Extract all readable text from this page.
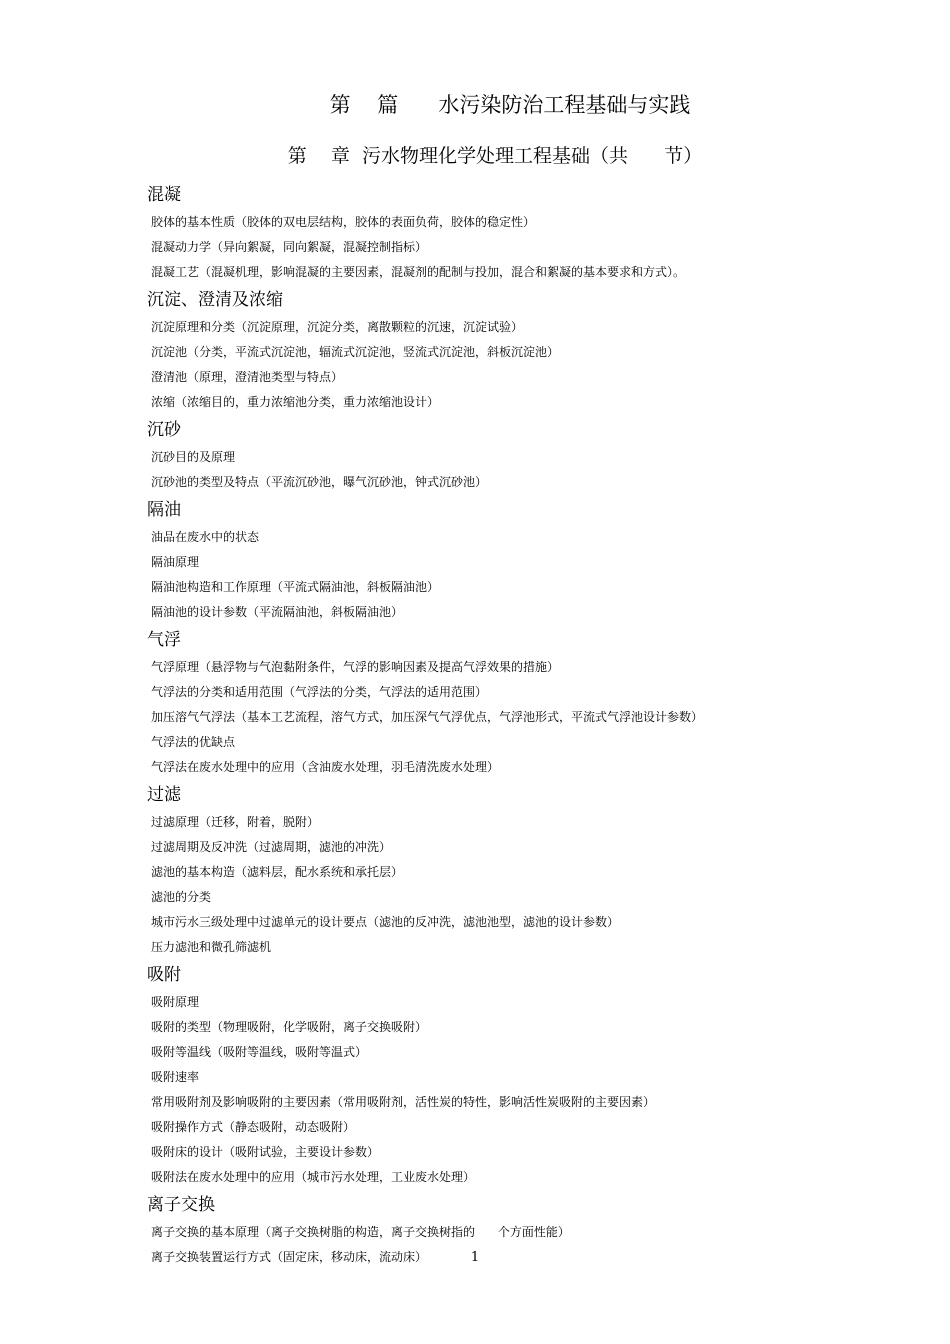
第    篇      水污染防治工程基础与实践
第    章  污水物理化学处理工程基础（共      节）
混凝
胶体的基本性质（胶体的双电层结构，胶体的表面负荷，胶体的稳定性）
混凝动力学（异向絮凝，同向絮凝，混凝控制指标）
混凝工艺（混凝机理，影响混凝的主要因素，混凝剂的配制与投加，混合和絮凝的基本要求和方式）。
沉淀、澄清及浓缩
沉淀原理和分类（沉淀原理，沉淀分类，离散颗粒的沉速，沉淀试验）
沉淀池（分类，平流式沉淀池，辐流式沉淀池，竖流式沉淀池，斜板沉淀池）
澄清池（原理，澄清池类型与特点）
浓缩（浓缩目的，重力浓缩池分类，重力浓缩池设计）
沉砂
沉砂目的及原理
沉砂池的类型及特点（平流沉砂池，曝气沉砂池，钟式沉砂池）
隔油
油品在废水中的状态
隔油原理
隔油池构造和工作原理（平流式隔油池，斜板隔油池）
隔油池的设计参数（平流隔油池，斜板隔油池）
气浮
气浮原理（悬浮物与气泡黏附条件，气浮的影响因素及提高气浮效果的措施）
气浮法的分类和适用范围（气浮法的分类，气浮法的适用范围）
加压溶气气浮法（基本工艺流程，溶气方式，加压深气气浮优点，气浮池形式，平流式气浮池设计参数）
气浮法的优缺点
气浮法在废水处理中的应用（含油废水处理，羽毛清洗废水处理）
过滤
过滤原理（迁移，附着，脱附）
过滤周期及反冲洗（过滤周期，滤池的冲洗）
滤池的基本构造（滤料层，配水系统和承托层）
滤池的分类
城市污水三级处理中过滤单元的设计要点（滤池的反冲洗，滤池池型，滤池的设计参数）
压力滤池和微孔筛滤机
吸附
吸附原理
吸附的类型（物理吸附，化学吸附，离子交换吸附）
吸附等温线（吸附等温线，吸附等温式）
吸附速率
常用吸附剂及影响吸附的主要因素（常用吸附剂，活性炭的特性，影响活性炭吸附的主要因素）
吸附操作方式（静态吸附，动态吸附）
吸附床的设计（吸附试验，主要设计参数）
吸附法在废水处理中的应用（城市污水处理，工业废水处理）
离子交换
离子交换的基本原理（离子交换树脂的构造，离子交换树指的      个方面性能）
离子交换装置运行方式（固定床，移动床，流动床）	1
